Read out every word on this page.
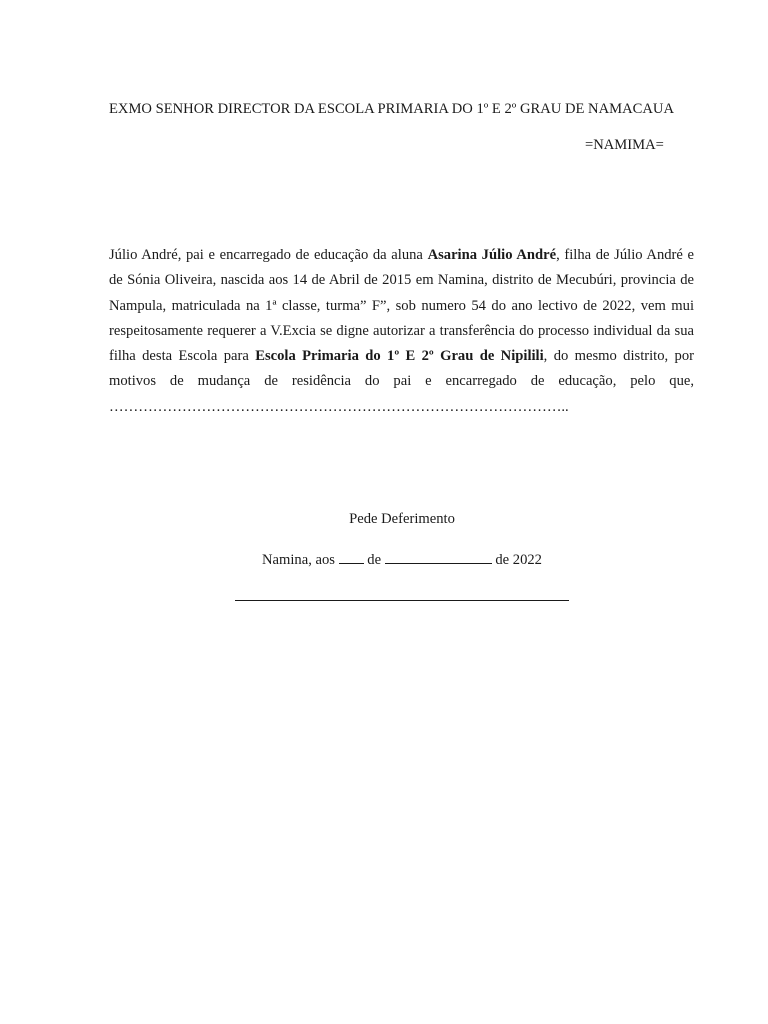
EXMO SENHOR DIRECTOR DA ESCOLA PRIMARIA DO 1º E 2º GRAU DE NAMACAUA
=NAMIMA=
Júlio André, pai e encarregado de educação da aluna Asarina Júlio André, filha de Júlio André e de Sónia Oliveira, nascida aos 14 de Abril de 2015 em Namina, distrito de Mecubúri, provincia de Nampula, matriculada na 1ª classe, turma” F”, sob numero 54 do ano lectivo de 2022, vem mui respeitosamente requerer a V.Excia se digne autorizar a transferência do processo individual da sua filha desta Escola para Escola Primaria do 1º E 2º Grau de Nipilili, do mesmo distrito, por motivos de mudança de residência do pai e encarregado de educação, pelo que, …………………………………………………………………………………..
Pede Deferimento
Namina, aos de	de 2022
